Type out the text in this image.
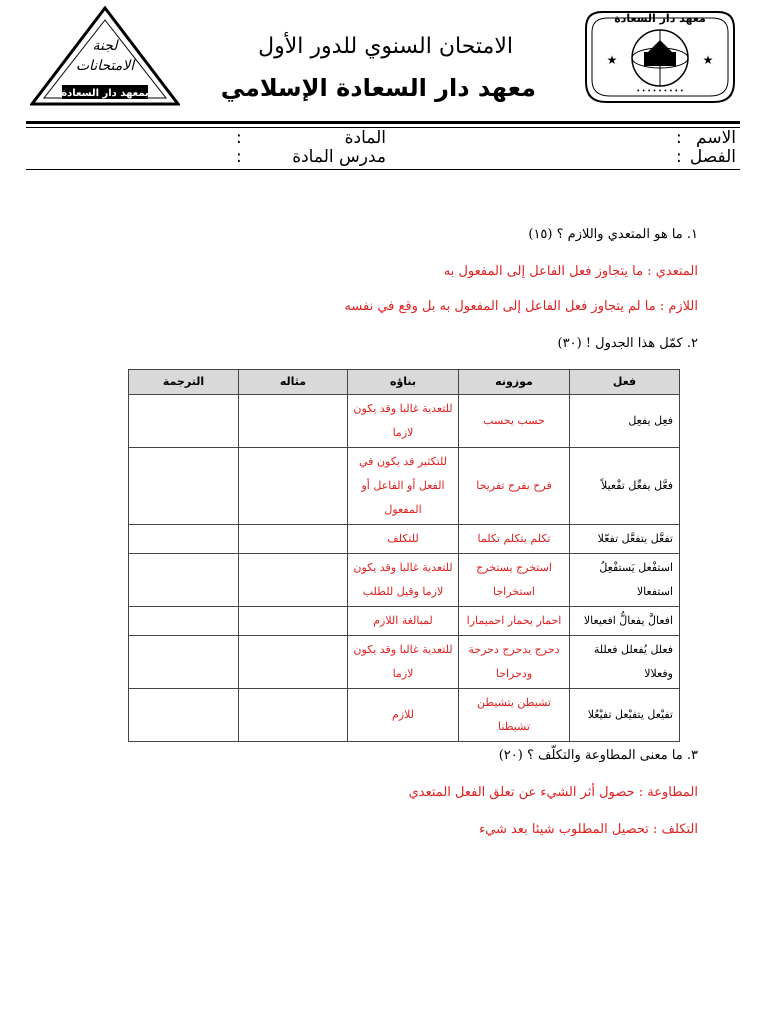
لجنة
الامتحانات
بمعهد دار السعادة
الامتحان السنوي للدور الأول
معهد دار السعادة الإسلامي
★	★
• • • • • • • • •
معهد دار السعادة
الاسم
الفصل
:
:
المادة
مدرس المادة
:
:
١. ما هو المتعدي واللازم ؟ (١٥)
المتعدي : ما يتجاوز فعل الفاعل إلى المفعول به
اللازم : ما لم يتجاوز فعل الفاعل إلى المفعول به بل وقع في نفسه
٢. كمّل هذا الجدول ! (٣٠)
فعل	موزونه	بناؤه	مثاله	الترجمة
فعِل يفعِل	حسب يحسب	للتعدية غالبا وقد يكون لازما		
فعَّل يفعِّل تفْعيلاً	فرح يفرح تفريحا	للتكثير قد يكون في الفعل أو الفاعل أو المفعول		
تفعَّل يتفعَّل تفعّلا	تكلم يتكلم تكلما	للتكلف		
استفْعل يَستفْعِلُ استفعالا	استخرج يستخرج استخراجا	للتعدية غالبا وقد يكون لازما وقيل للطلب		
افعالَّ يفعالُّ افعيعالا	احمار يحمار احميمارا	لمبالغة اللازم		
فعلل يُفعلل فعللة وفعلالا	دحرج يدحرج دحرجة ودحراجا	للتعدية غالبا وقد يكون لازما		
تفيْعل يتفيْعل تفيْعُلا	تشيطن يتشيطن تشيطنا	للازم		
٣. ما معنى المطاوعة والتكلّف ؟ (٢٠)
المطاوعة : حصول أثر الشيء عن تعلق الفعل المتعدي
التكلف : تحصيل المطلوب شيئا بعد شيء
